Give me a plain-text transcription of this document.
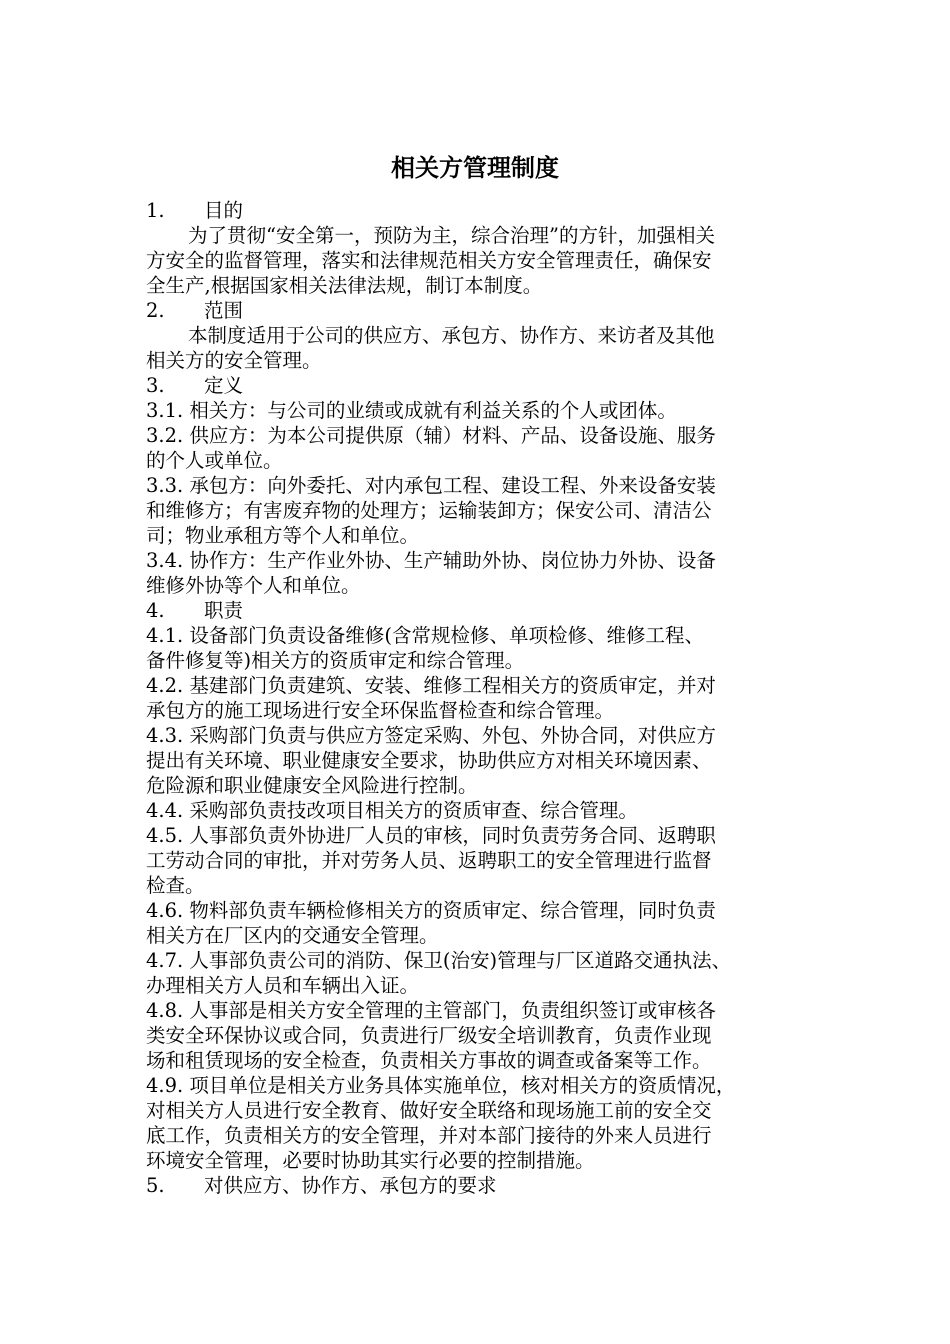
相关方管理制度
1. 目的
为了贯彻“安全第一，预防为主，综合治理”的方针，加强相关
方安全的监督管理，落实和法律规范相关方安全管理责任，确保安
全生产,根据国家相关法律法规，制订本制度。
2. 范围
本制度适用于公司的供应方、承包方、协作方、来访者及其他
相关方的安全管理。
3. 定义
3.1. 相关方：与公司的业绩或成就有利益关系的个人或团体。
3.2. 供应方：为本公司提供原（辅）材料、产品、设备设施、服务
的个人或单位。
3.3. 承包方：向外委托、对内承包工程、建设工程、外来设备安装
和维修方；有害废弃物的处理方；运输装卸方；保安公司、清洁公
司；物业承租方等个人和单位。
3.4. 协作方：生产作业外协、生产辅助外协、岗位协力外协、设备
维修外协等个人和单位。
4. 职责
4.1. 设备部门负责设备维修(含常规检修、单项检修、维修工程、
备件修复等)相关方的资质审定和综合管理。
4.2. 基建部门负责建筑、安装、维修工程相关方的资质审定，并对
承包方的施工现场进行安全环保监督检查和综合管理。
4.3. 采购部门负责与供应方签定采购、外包、外协合同，对供应方
提出有关环境、职业健康安全要求，协助供应方对相关环境因素、
危险源和职业健康安全风险进行控制。
4.4. 采购部负责技改项目相关方的资质审查、综合管理。
4.5. 人事部负责外协进厂人员的审核，同时负责劳务合同、返聘职
工劳动合同的审批，并对劳务人员、返聘职工的安全管理进行监督
检查。
4.6. 物料部负责车辆检修相关方的资质审定、综合管理，同时负责
相关方在厂区内的交通安全管理。
4.7. 人事部负责公司的消防、保卫(治安)管理与厂区道路交通执法、
办理相关方人员和车辆出入证。
4.8. 人事部是相关方安全管理的主管部门，负责组织签订或审核各
类安全环保协议或合同，负责进行厂级安全培训教育，负责作业现
场和租赁现场的安全检查，负责相关方事故的调查或备案等工作。
4.9. 项目单位是相关方业务具体实施单位，核对相关方的资质情况，
对相关方人员进行安全教育、做好安全联络和现场施工前的安全交
底工作，负责相关方的安全管理，并对本部门接待的外来人员进行
环境安全管理，必要时协助其实行必要的控制措施。
5. 对供应方、协作方、承包方的要求
